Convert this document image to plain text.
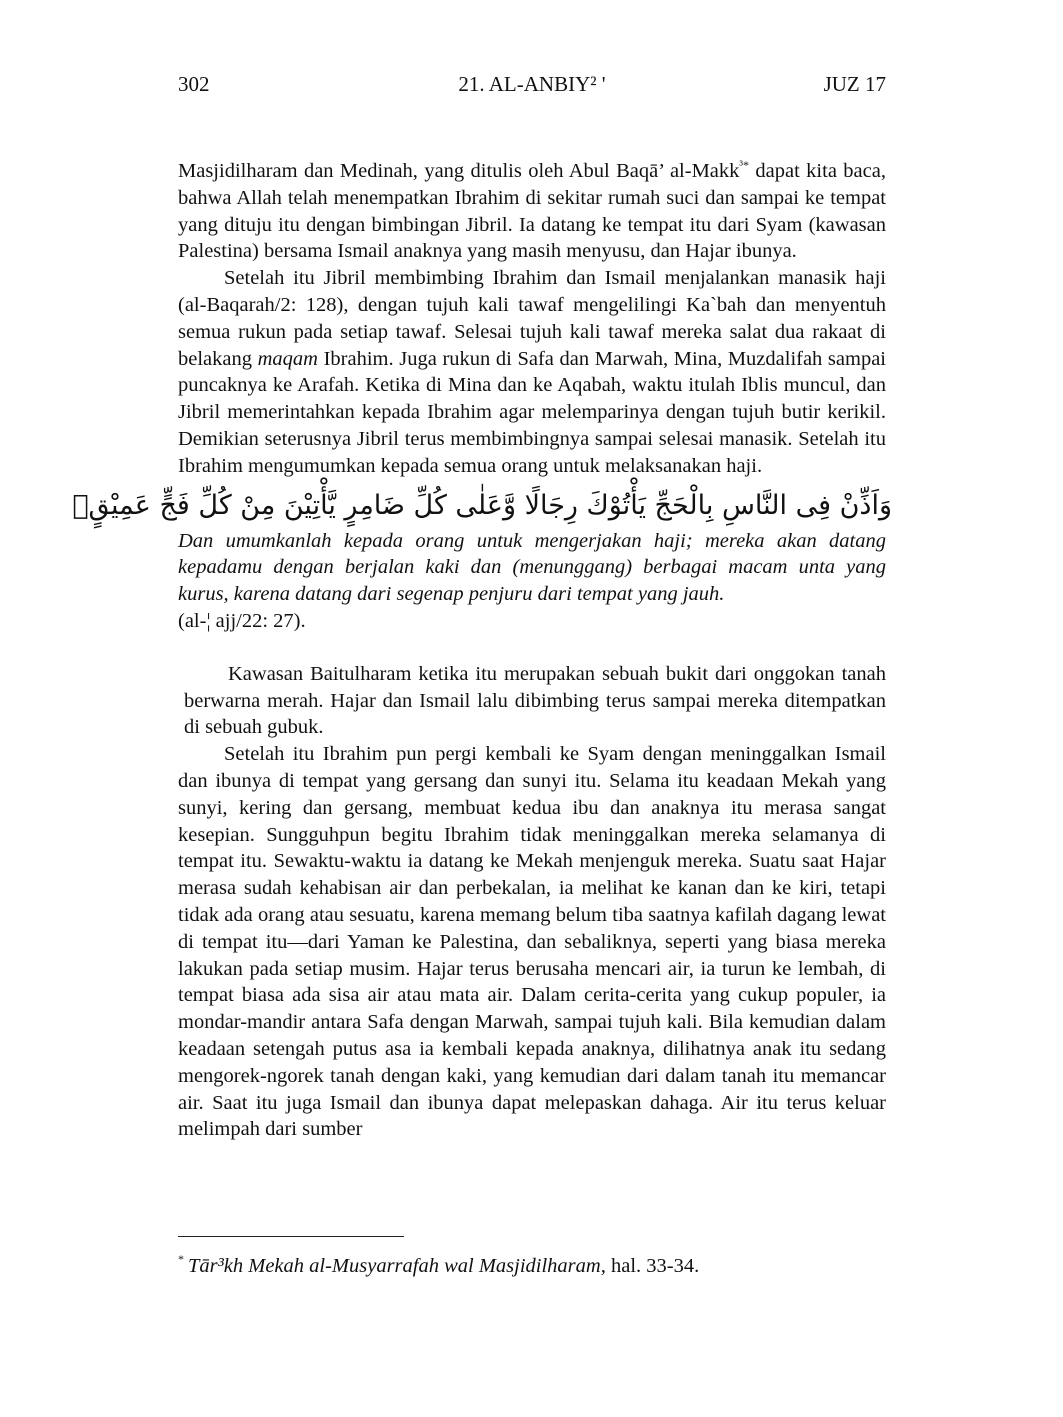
302	21. AL-ANBIY² '	JUZ 17

Masjidilharam dan Medinah, yang ditulis oleh Abul Baqā’ al-Makk$^{^3*}$ dapat kita baca, bahwa Allah telah menempatkan Ibrahim di sekitar rumah suci dan sampai ke tempat yang dituju itu dengan bimbingan Jibril. Ia datang ke tempat itu dari Syam (kawasan Palestina) bersama Ismail anaknya yang masih menyusu, dan Hajar ibunya.

Setelah itu Jibril membimbing Ibrahim dan Ismail menjalankan manasik haji (al-Baqarah/2: 128), dengan tujuh kali tawaf mengelilingi Ka`bah dan menyentuh semua rukun pada setiap tawaf. Selesai tujuh kali tawaf mereka salat dua rakaat di belakang maqam Ibrahim. Juga rukun di Safa dan Marwah, Mina, Muzdalifah sampai puncaknya ke Arafah. Ketika di Mina dan ke Aqabah, waktu itulah Iblis muncul, dan Jibril memerintahkan kepada Ibrahim agar melemparinya dengan tujuh butir kerikil. Demikian seterusnya Jibril terus membimbingnya sampai selesai manasik. Setelah itu Ibrahim mengumumkan kepada semua orang untuk melaksanakan haji.

وَاَذِّنْ فِى النَّاسِ بِالْحَجِّ يَأْتُوْكَ رِجَالًا وَّعَلٰى كُلِّ ضَامِرٍ يَّأْتِيْنَ مِنْ كُلِّ فَجٍّ عَمِيْقٍۙ

Dan umumkanlah kepada orang untuk mengerjakan haji; mereka akan datang kepadamu dengan berjalan kaki dan (menunggang) berbagai macam unta yang kurus, karena datang dari segenap penjuru dari tempat yang jauh.

(al-¦ ajj/22: 27).

Kawasan Baitulharam ketika itu merupakan sebuah bukit dari onggokan tanah berwarna merah. Hajar dan Ismail lalu dibimbing terus sampai mereka ditempatkan di sebuah gubuk.

Setelah itu Ibrahim pun pergi kembali ke Syam dengan meninggalkan Ismail dan ibunya di tempat yang gersang dan sunyi itu. Selama itu keadaan Mekah yang sunyi, kering dan gersang, membuat kedua ibu dan anaknya itu merasa sangat kesepian. Sungguhpun begitu Ibrahim tidak meninggalkan mereka selamanya di tempat itu. Sewaktu-waktu ia datang ke Mekah menjenguk mereka. Suatu saat Hajar merasa sudah kehabisan air dan perbekalan, ia melihat ke kanan dan ke kiri, tetapi tidak ada orang atau sesuatu, karena memang belum tiba saatnya kafilah dagang lewat di tempat itu—dari Yaman ke Palestina, dan sebaliknya, seperti yang biasa mereka lakukan pada setiap musim. Hajar terus berusaha mencari air, ia turun ke lembah, di tempat biasa ada sisa air atau mata air. Dalam cerita-cerita yang cukup populer, ia mondar-mandir antara Safa dengan Marwah, sampai tujuh kali. Bila kemudian dalam keadaan setengah putus asa ia kembali kepada anaknya, dilihatnya anak itu sedang mengorek-ngorek tanah dengan kaki, yang kemudian dari dalam tanah itu memancar air. Saat itu juga Ismail dan ibunya dapat melepaskan dahaga. Air itu terus keluar melimpah dari sumber

* Tār³kh Mekah al-Musyarrafah wal Masjidilharam, hal. 33-34.
